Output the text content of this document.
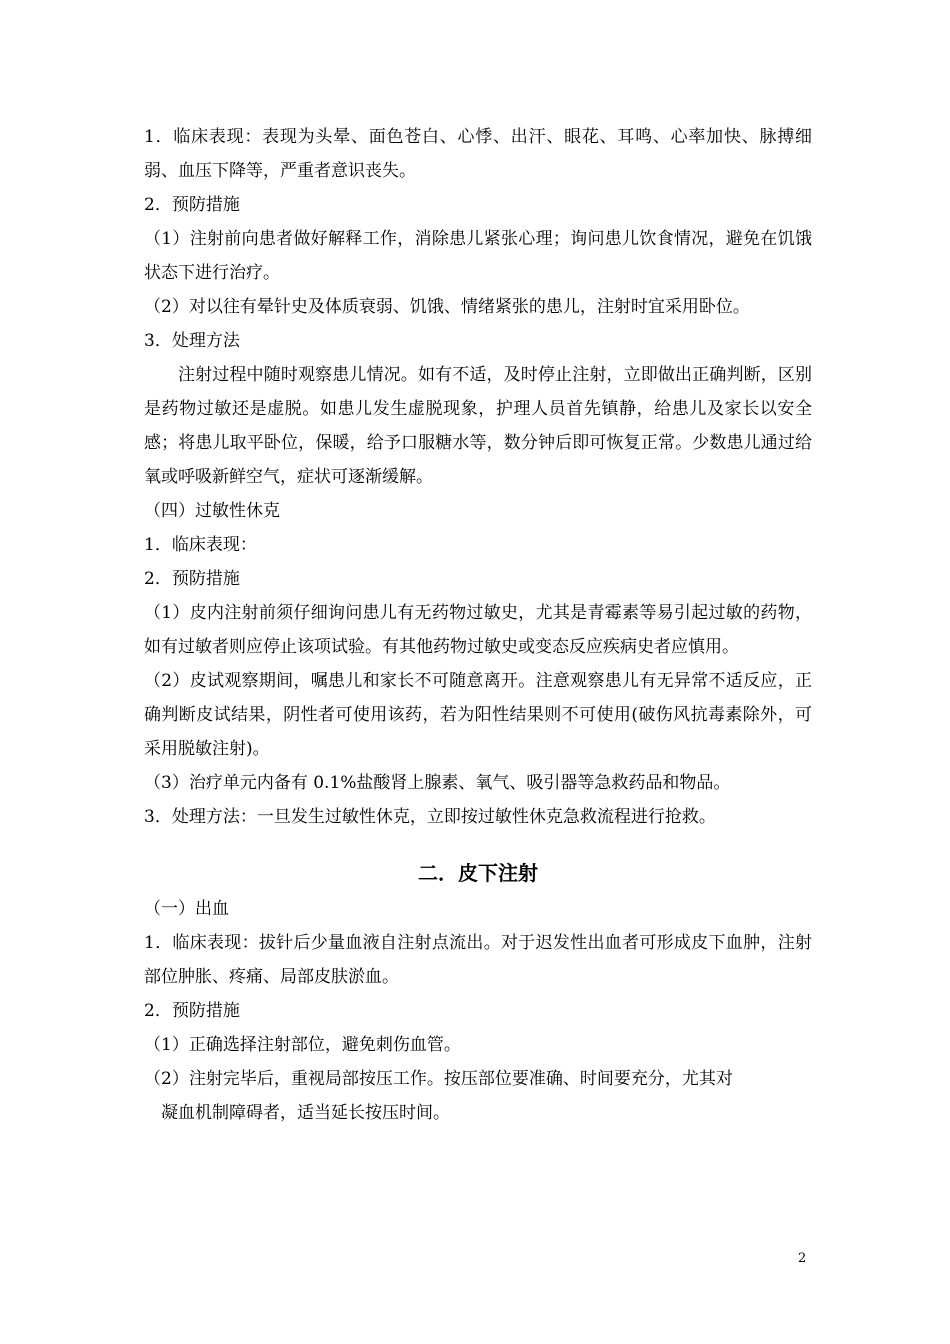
1．临床表现：表现为头晕、面色苍白、心悸、出汗、眼花、耳鸣、心率加快、脉搏细弱、血压下降等，严重者意识丧失。

2．预防措施

（1）注射前向患者做好解释工作，消除患儿紧张心理；询问患儿饮食情况，避免在饥饿状态下进行治疗。

（2）对以往有晕针史及体质衰弱、饥饿、情绪紧张的患儿，注射时宜采用卧位。

3．处理方法

注射过程中随时观察患儿情况。如有不适，及时停止注射，立即做出正确判断，区别是药物过敏还是虚脱。如患儿发生虚脱现象，护理人员首先镇静，给患儿及家长以安全感；将患儿取平卧位，保暖，给予口服糖水等，数分钟后即可恢复正常。少数患儿通过给氧或呼吸新鲜空气，症状可逐渐缓解。

（四）过敏性休克

1．临床表现：

2．预防措施

（1）皮内注射前须仔细询问患儿有无药物过敏史，尤其是青霉素等易引起过敏的药物，如有过敏者则应停止该项试验。有其他药物过敏史或变态反应疾病史者应慎用。

（2）皮试观察期间，嘱患儿和家长不可随意离开。注意观察患儿有无异常不适反应，正确判断皮试结果，阴性者可使用该药，若为阳性结果则不可使用(破伤风抗毒素除外，可采用脱敏注射)。

（3）治疗单元内备有 0.1%盐酸肾上腺素、氧气、吸引器等急救药品和物品。

3．处理方法：一旦发生过敏性休克，立即按过敏性休克急救流程进行抢救。

二．皮下注射

（一）出血

1．临床表现：拔针后少量血液自注射点流出。对于迟发性出血者可形成皮下血肿，注射部位肿胀、疼痛、局部皮肤淤血。

2．预防措施

（1）正确选择注射部位，避免刺伤血管。

（2）注射完毕后，重视局部按压工作。按压部位要准确、时间要充分，尤其对

凝血机制障碍者，适当延长按压时间。

2
